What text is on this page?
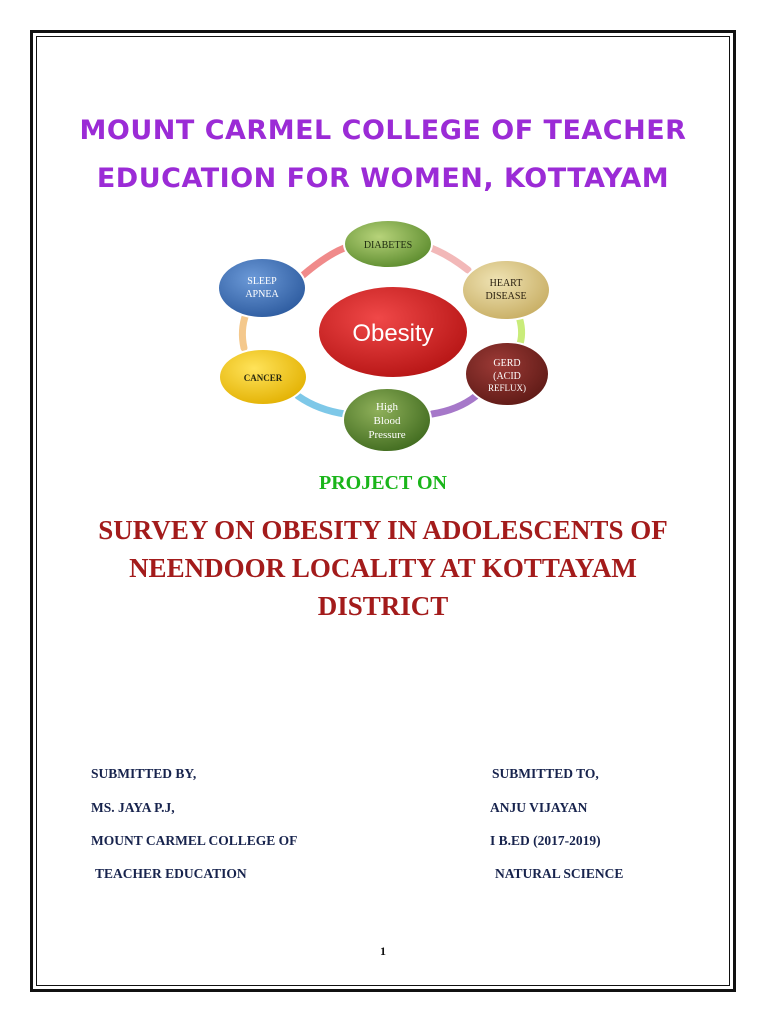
MOUNT CARMEL COLLEGE OF TEACHER
EDUCATION FOR WOMEN, KOTTAYAM
Obesity
DIABETES
HEART
DISEASE
GERD
(ACID
REFLUX)
High
Blood
Pressure
CANCER
SLEEP
APNEA
PROJECT ON
SURVEY ON OBESITY IN ADOLESCENTS OF
NEENDOOR LOCALITY AT KOTTAYAM
DISTRICT
SUBMITTED BY,
MS. JAYA P.J,
MOUNT CARMEL COLLEGE OF
TEACHER EDUCATION
SUBMITTED TO,
ANJU VIJAYAN
I B.ED (2017-2019)
NATURAL SCIENCE
1
